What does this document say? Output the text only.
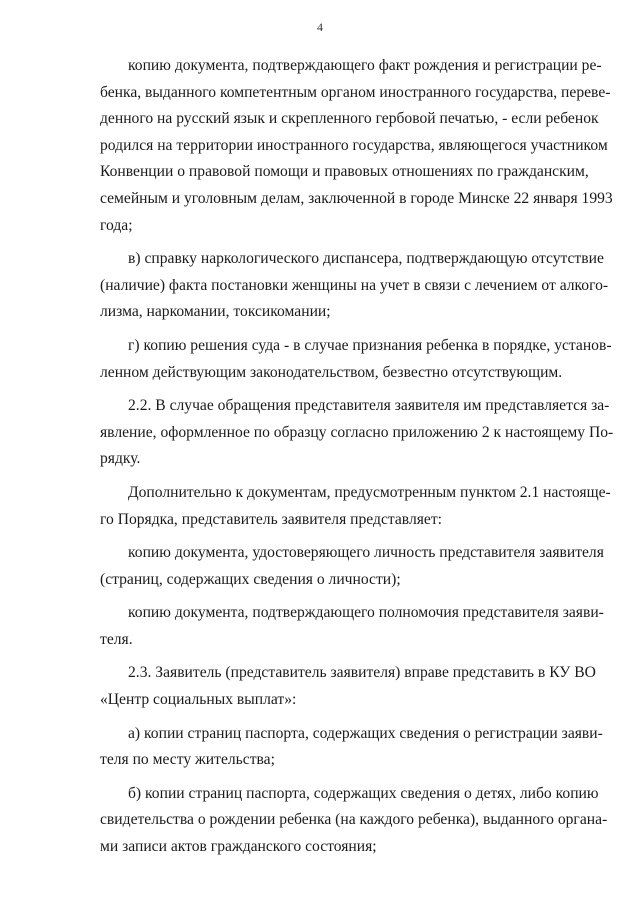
4
копию документа, подтверждающего факт рождения и регистрации ре-
бенка, выданного компетентным органом иностранного государства, переве-
денного на русский язык и скрепленного гербовой печатью, - если ребенок
родился на территории иностранного государства, являющегося участником
Конвенции о правовой помощи и правовых отношениях по гражданским,
семейным и уголовным делам, заключенной в городе Минске 22 января 1993
года;
в) справку наркологического диспансера, подтверждающую отсутствие
(наличие) факта постановки женщины на учет в связи с лечением от алкого-
лизма, наркомании, токсикомании;
г) копию решения суда - в случае признания ребенка в порядке, установ-
ленном действующим законодательством, безвестно отсутствующим.
2.2. В случае обращения представителя заявителя им представляется за-
явление, оформленное по образцу согласно приложению 2 к настоящему По-
рядку.
Дополнительно к документам, предусмотренным пунктом 2.1 настояще-
го Порядка, представитель заявителя представляет:
копию документа, удостоверяющего личность представителя заявителя
(страниц, содержащих сведения о личности);
копию документа, подтверждающего полномочия представителя заяви-
теля.
2.3. Заявитель (представитель заявителя) вправе представить в КУ ВО
«Центр социальных выплат»:
а) копии страниц паспорта, содержащих сведения о регистрации заяви-
теля по месту жительства;
б) копии страниц паспорта, содержащих сведения о детях, либо копию
свидетельства о рождении ребенка (на каждого ребенка), выданного органа-
ми записи актов гражданского состояния;
